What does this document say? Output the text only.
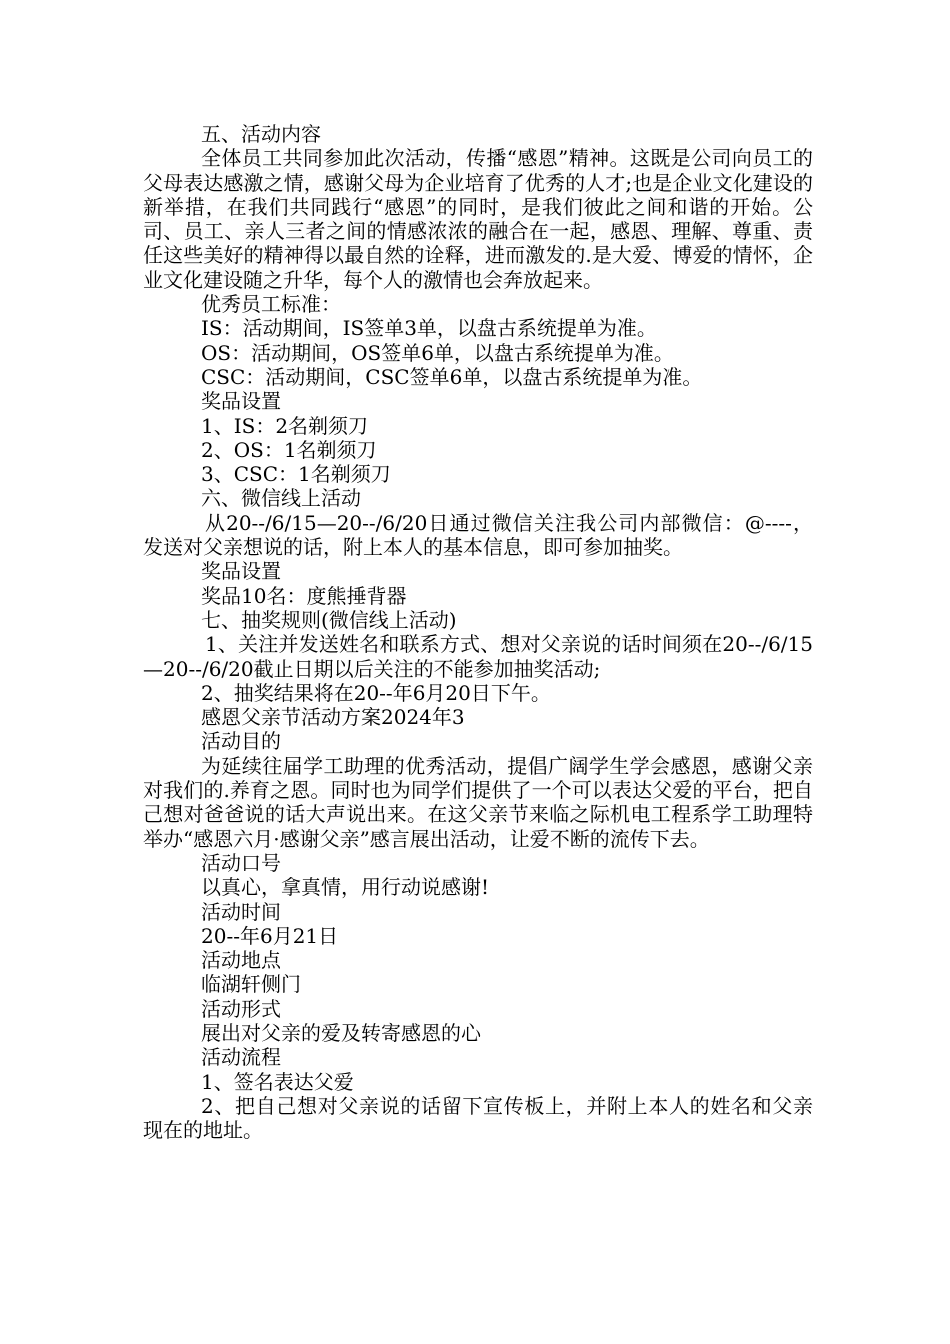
五、活动内容

全体员工共同参加此次活动，传播“感恩”精神。这既是公司向员工的父母表达感激之情，感谢父母为企业培育了优秀的人才;也是企业文化建设的新举措，在我们共同践行“感恩”的同时，是我们彼此之间和谐的开始。公司、员工、亲人三者之间的情感浓浓的融合在一起，感恩、理解、尊重、责任这些美好的精神得以最自然的诠释，进而激发的.是大爱、博爱的情怀，企业文化建设随之升华，每个人的激情也会奔放起来。

优秀员工标准：

IS：活动期间，IS签单3单，以盘古系统提单为准。

OS：活动期间，OS签单6单，以盘古系统提单为准。

CSC：活动期间，CSC签单6单，以盘古系统提单为准。

奖品设置

1、IS：2名剃须刀

2、OS：1名剃须刀

3、CSC：1名剃须刀

六、微信线上活动

从20--/6/15—20--/6/20日通过微信关注我公司内部微信：@----，发送对父亲想说的话，附上本人的基本信息，即可参加抽奖。

奖品设置

奖品10名：度熊捶背器

七、抽奖规则(微信线上活动)

1、关注并发送姓名和联系方式、想对父亲说的话时间须在20--/6/15—20--/6/20截止日期以后关注的不能参加抽奖活动;

2、抽奖结果将在20--年6月20日下午。

感恩父亲节活动方案2024年3

活动目的

为延续往届学工助理的优秀活动，提倡广阔学生学会感恩，感谢父亲对我们的.养育之恩。同时也为同学们提供了一个可以表达父爱的平台，把自己想对爸爸说的话大声说出来。在这父亲节来临之际机电工程系学工助理特举办“感恩六月·感谢父亲”感言展出活动，让爱不断的流传下去。

活动口号

以真心，拿真情，用行动说感谢!

活动时间

20--年6月21日

活动地点

临湖轩侧门

活动形式

展出对父亲的爱及转寄感恩的心

活动流程

1、签名表达父爱

2、把自己想对父亲说的话留下宣传板上，并附上本人的姓名和父亲现在的地址。
